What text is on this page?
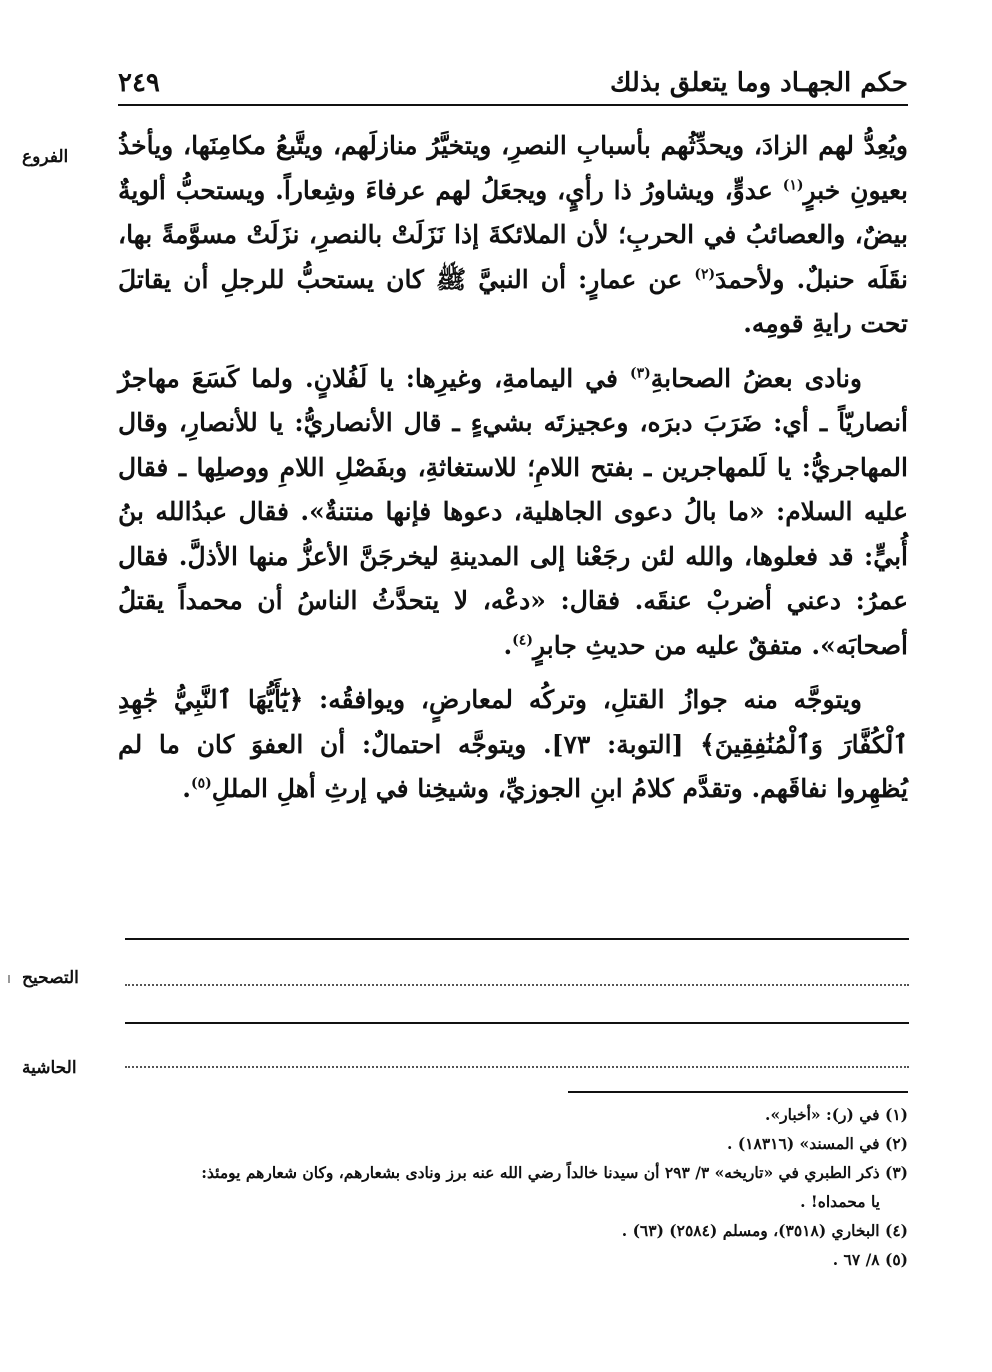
حكم الجهـاد وما يتعلق بذلك
٢٤٩
الفروع	ويُعِدُّ لهم الزادَ، ويحدِّثُهم بأسبابِ النصرِ، ويتخيَّرُ منازلَهم، ويتَّبعُ مكامِنَها، ويأخذُ بعيونِ خبرٍ$^{(١)}$ عدوٍّ، ويشاورُ ذا رأيٍ، ويجعَلُ لهم عرفاءَ وشِعاراً. ويستحبُّ ألويةٌ بيضٌ، والعصائبُ في الحربِ؛ لأن الملائكةَ إذا نَزَلَتْ بالنصرِ، نزَلَتْ مسوَّمةً بها، نقَلَه حنبلٌ. ولأحمدَ$^{(٢)}$ عن عمارٍ: أن النبيَّ ﷺ كان يستحبُّ للرجلِ أن يقاتلَ تحت رايةِ قومِه.

ونادى بعضُ الصحابةِ$^{(٣)}$ في اليمامةِ، وغيرِها: يا لَفُلانٍ. ولما كَسَعَ مهاجرٌ أنصاريّاً ـ أي: ضَرَبَ دبرَه، وعجيزتَه بشيءٍ ـ قال الأنصاريُّ: يا للأنصارِ، وقال المهاجريُّ: يا لَلمهاجرين ـ بفتح اللامِ؛ للاستغاثةِ، وبفَصْلِ اللامِ ووصلِها ـ فقال عليه السلام: «ما بالُ دعوى الجاهلية، دعوها فإنها منتنةٌ». فقال عبدُالله بنُ أُبيٍّ: قد فعلوها، والله لئن رجَعْنا إلى المدينةِ ليخرجَنَّ الأعزُّ منها الأذلَّ. فقال عمرُ: دعني أضربْ عنقَه. فقال: «دعْه، لا يتحدَّثُ الناسُ أن محمداً يقتلُ أصحابَه». متفقٌ عليه من حديثِ جابرٍ$^{(٤)}$.

ويتوجَّه منه جوازُ القتلِ، وتركُه لمعارضٍ، ويوافقُه: ﴿يَٰٓأَيُّهَا ٱلنَّبِيُّ جَٰهِدِ ٱلْكُفَّارَ وَٱلْمُنَٰفِقِينَ﴾ [التوبة: ٧٣]. ويتوجَّه احتمالٌ: أن العفوَ كان ما لم يُظهِروا نفاقَهم. وتقدَّم كلامُ ابنِ الجوزيِّ، وشيخِنا في إرثِ أهلِ المللِ$^{(٥)}$.

التصحيح
الحاشية

(١) في (ر): «أخبار».

(٢) في المسند» (١٨٣١٦) .

(٣) ذكر الطبري في «تاريخه» ٣/ ٢٩٣ أن سيدنا خالداً رضي الله عنه برز ونادى بشعارهم، وكان شعارهم يومئذ:

يا محمداه! .

(٤) البخاري (٣٥١٨)، ومسلم (٢٥٨٤) (٦٣) .

(٥) ٨/ ٦٧ .
